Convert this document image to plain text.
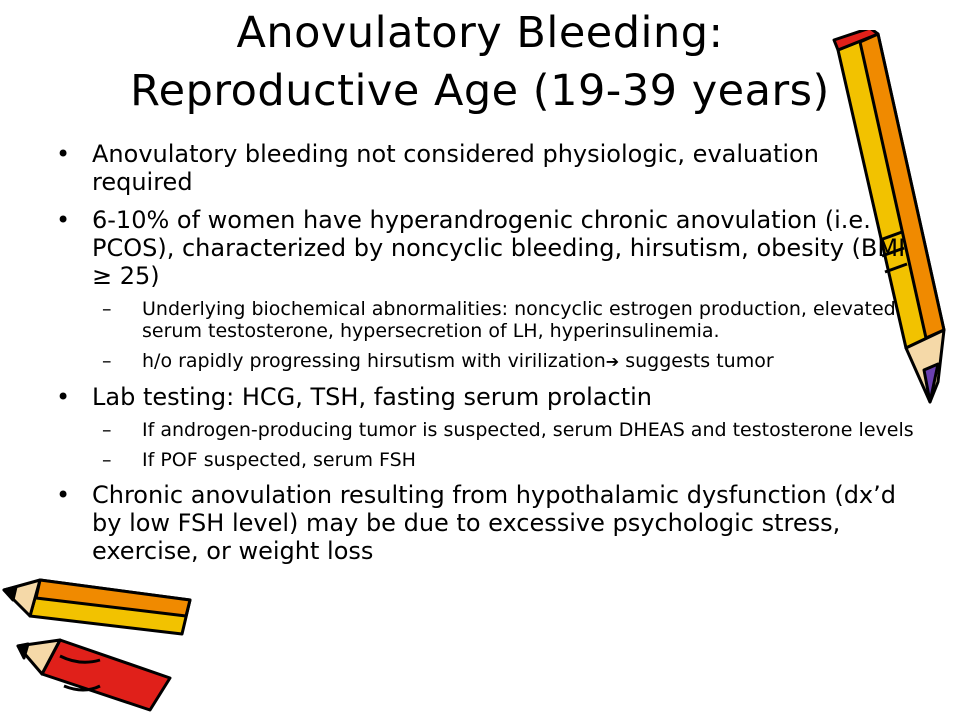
Anovulatory Bleeding:
Reproductive Age (19-39 years)
• Anovulatory bleeding not considered physiologic, evaluation required
• 6-10% of women have hyperandrogenic chronic anovulation (i.e. PCOS), characterized by noncyclic bleeding, hirsutism, obesity (BMI ≥ 25)
– Underlying biochemical abnormalities: noncyclic estrogen production, elevated serum testosterone, hypersecretion of LH, hyperinsulinemia.
– h/o rapidly progressing hirsutism with virilization➔ suggests tumor
• Lab testing: HCG, TSH, fasting serum prolactin
– If androgen-producing tumor is suspected, serum DHEAS and testosterone levels
– If POF suspected, serum FSH
• Chronic anovulation resulting from hypothalamic dysfunction (dx’d by low FSH level) may be due to excessive psychologic stress, exercise, or weight loss
